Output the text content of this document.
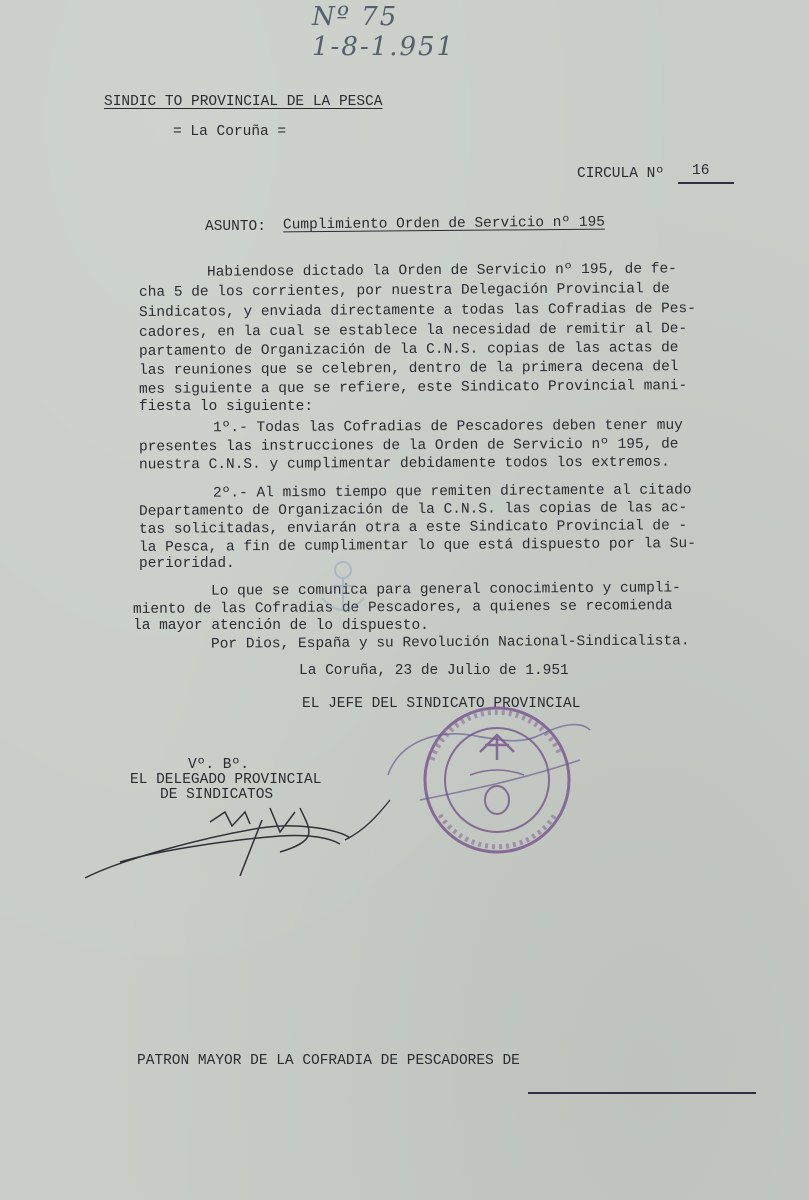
Nº 75
1-8-1.951
SINDIC TO PROVINCIAL DE LA PESCA
= La Coruña =
CIRCULA Nº 16
ASUNTO: Cumplimiento Orden de Servicio nº 195
Habiendose dictado la Orden de Servicio nº 195, de fe-
cha 5 de los corrientes, por nuestra Delegación Provincial de
Sindicatos, y enviada directamente a todas las Cofradias de Pes-
cadores, en la cual se establece la necesidad de remitir al De-
partamento de Organización de la C.N.S. copias de las actas de
las reuniones que se celebren, dentro de la primera decena del
mes siguiente a que se refiere, este Sindicato Provincial mani-
fiesta lo siguiente:
1º.- Todas las Cofradias de Pescadores deben tener muy
presentes las instrucciones de la Orden de Servicio nº 195, de
nuestra C.N.S. y cumplimentar debidamente todos los extremos.
2º.- Al mismo tiempo que remiten directamente al citado
Departamento de Organización de la C.N.S. las copias de las ac-
tas solicitadas, enviarán otra a este Sindicato Provincial de -
la Pesca, a fin de cumplimentar lo que está dispuesto por la Su-
perioridad.
Lo que se comunica para general conocimiento y cumpli-
miento de las Cofradias de Pescadores, a quienes se recomienda
la mayor atención de lo dispuesto.
Por Dios, España y su Revolución Nacional-Sindicalista.
La Coruña, 23 de Julio de 1.951
EL JEFE DEL SINDICATO PROVINCIAL
Vº. Bº.
EL DELEGADO PROVINCIAL
DE SINDICATOS
PATRON MAYOR DE LA COFRADIA DE PESCADORES DE
